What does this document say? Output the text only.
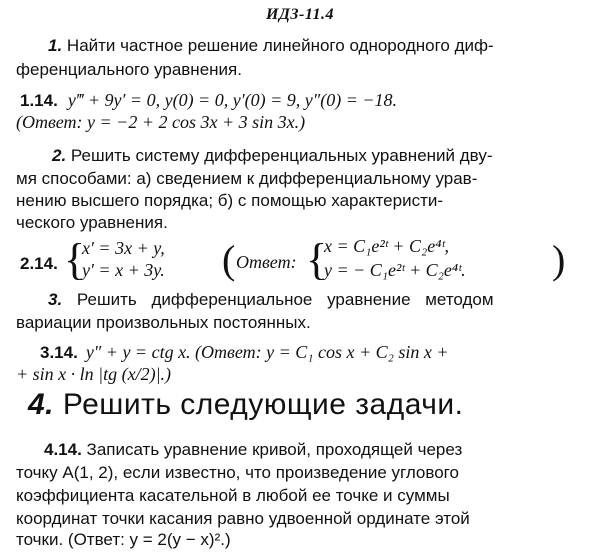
ИДЗ-11.4
1. Найти частное решение линейного однородного диф-
ференциального уравнения.
1.14. y‴ + 9y′ = 0, y(0) = 0, y′(0) = 9, y″(0) = −18.
(Ответ: y = −2 + 2 cos 3x + 3 sin 3x.)
2. Решить систему дифференциальных уравнений дву-
мя способами: а) сведением к дифференциальному урав-
нению высшего порядка; б) с помощью характеристи-
ческого уравнения.
2.14. {
x′ = 3x + y,
y′ = x + 3y. ( Ответ: {
x = C₁e²ᵗ + C₂e⁴ᵗ,
y = − C₁e²ᵗ + C₂e⁴ᵗ. )
3. Решить дифференциальное уравнение методом
вариации произвольных постоянных.
3.14. y″ + y = ctg x. (Ответ: y = C₁ cos x + C₂ sin x +
+ sin x · ln |tg (x/2)|.)
4. Решить следующие задачи.
4.14. Записать уравнение кривой, проходящей через
точку A(1, 2), если известно, что произведение углового
коэффициента касательной в любой ее точке и суммы
координат точки касания равно удвоенной ординате этой
точки. (Ответ: y = 2(y − x)².)
